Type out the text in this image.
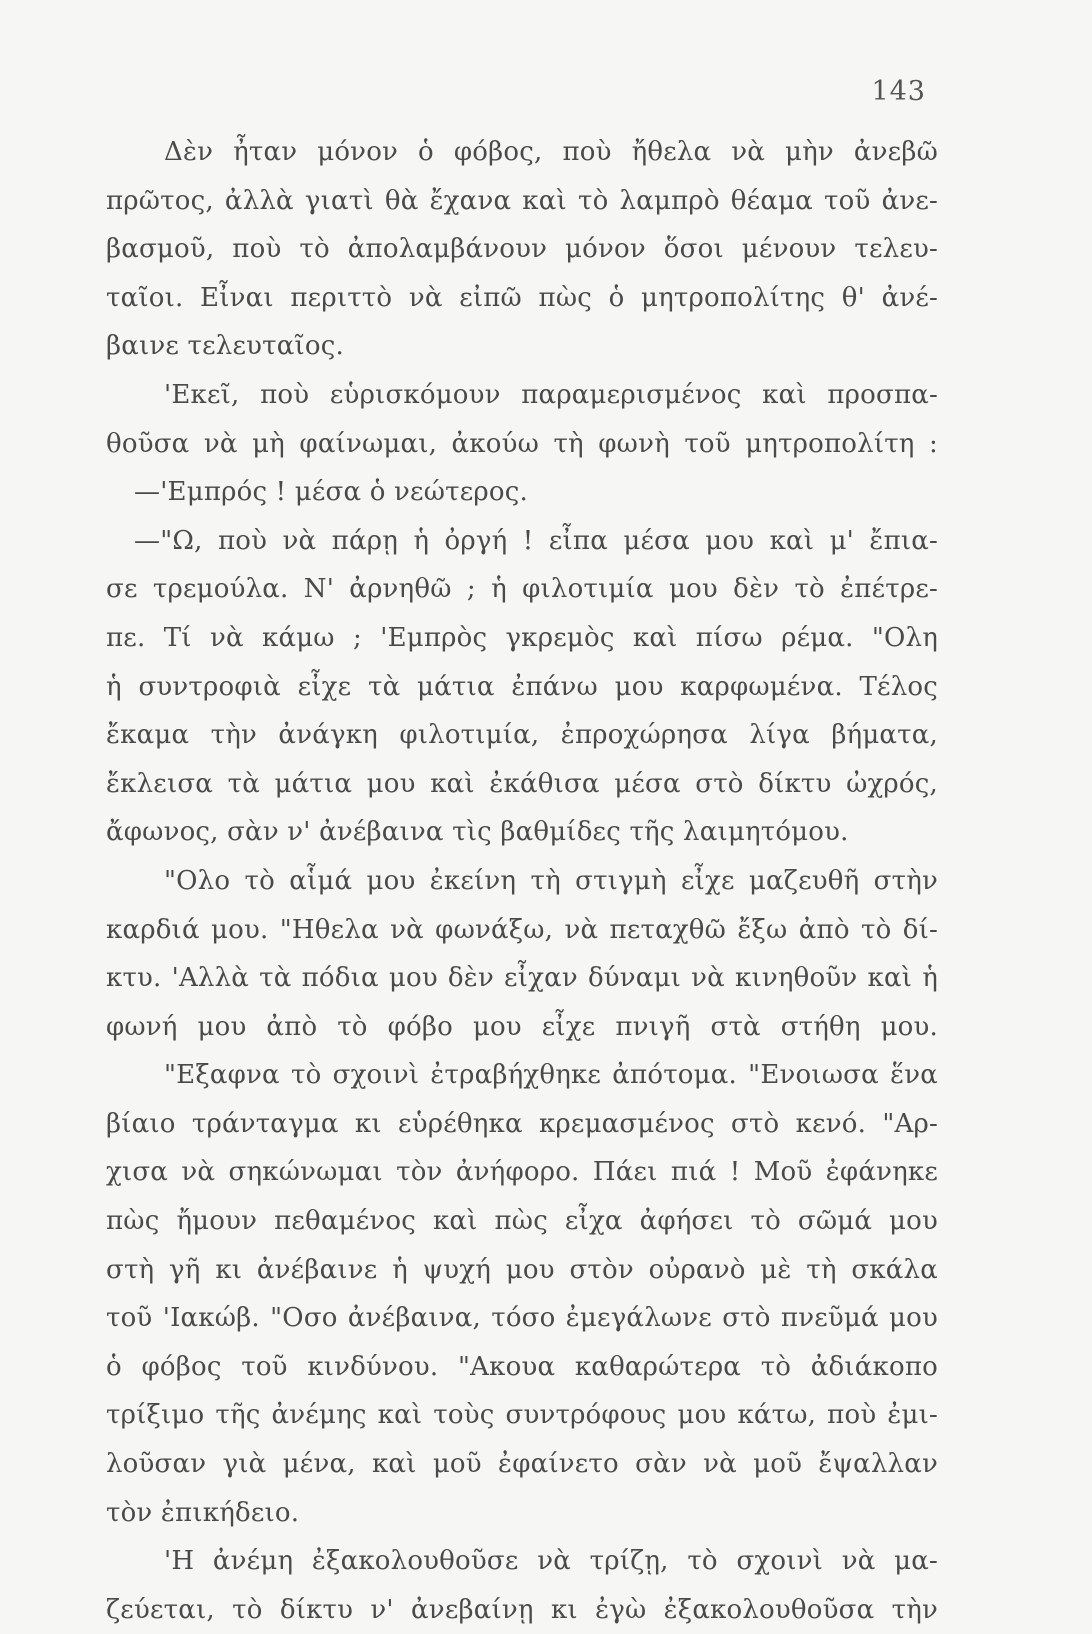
143
Δὲν ἦταν μόνον ὁ φόβος, ποὺ ἤθελα νὰ μὴν ἀνεβῶ
πρῶτος, ἀλλὰ γιατὶ θὰ ἔχανα καὶ τὸ λαμπρὸ θέαμα τοῦ ἀνε-
βασμοῦ, ποὺ τὸ ἀπολαμβάνουν μόνον ὅσοι μένουν τελευ-
ταῖοι. Εἶναι περιττὸ νὰ εἰπῶ πὼς ὁ μητροπολίτης θ' ἀνέ-
βαινε τελευταῖος.
'Εκεῖ, ποὺ εὑρισκόμουν παραμερισμένος καὶ προσπα-
θοῦσα νὰ μὴ φαίνωμαι, ἀκούω τὴ φωνὴ τοῦ μητροπολίτη :
—'Εμπρός ! μέσα ὁ νεώτερος.
—"Ω, ποὺ νὰ πάρῃ ἡ ὀργή ! εἶπα μέσα μου καὶ μ' ἔπια-
σε τρεμούλα. Ν' ἀρνηθῶ ; ἡ φιλοτιμία μου δὲν τὸ ἐπέτρε-
πε. Τί νὰ κάμω ; 'Εμπρὸς γκρεμὸς καὶ πίσω ρέμα. "Ολη
ἡ συντροφιὰ εἶχε τὰ μάτια ἐπάνω μου καρφωμένα. Τέλος
ἔκαμα τὴν ἀνάγκη φιλοτιμία, ἐπροχώρησα λίγα βήματα,
ἔκλεισα τὰ μάτια μου καὶ ἐκάθισα μέσα στὸ δίκτυ ὠχρός,
ἄφωνος, σὰν ν' ἀνέβαινα τὶς βαθμίδες τῆς λαιμητόμου.
"Ολο τὸ αἷμά μου ἐκείνη τὴ στιγμὴ εἶχε μαζευθῆ στὴν
καρδιά μου. "Ηθελα νὰ φωνάξω, νὰ πεταχθῶ ἔξω ἀπὸ τὸ δί-
κτυ. 'Αλλὰ τὰ πόδια μου δὲν εἶχαν δύναμι νὰ κινηθοῦν καὶ ἡ
φωνή μου ἀπὸ τὸ φόβο μου εἶχε πνιγῆ στὰ στήθη μου.
"Εξαφνα τὸ σχοινὶ ἐτραβήχθηκε ἀπότομα. "Ενοιωσα ἕνα
βίαιο τράνταγμα κι εὑρέθηκα κρεμασμένος στὸ κενό. "Αρ-
χισα νὰ σηκώνωμαι τὸν ἀνήφορο. Πάει πιά ! Μοῦ ἐφάνηκε
πὼς ἤμουν πεθαμένος καὶ πὼς εἶχα ἀφήσει τὸ σῶμά μου
στὴ γῆ κι ἀνέβαινε ἡ ψυχή μου στὸν οὐρανὸ μὲ τὴ σκάλα
τοῦ 'Ιακώβ. "Οσο ἀνέβαινα, τόσο ἐμεγάλωνε στὸ πνεῦμά μου
ὁ φόβος τοῦ κινδύνου. "Ακουα καθαρώτερα τὸ ἀδιάκοπο
τρίξιμο τῆς ἀνέμης καὶ τοὺς συντρόφους μου κάτω, ποὺ ἐμι-
λοῦσαν γιὰ μένα, καὶ μοῦ ἐφαίνετο σὰν νὰ μοῦ ἔψαλλαν
τὸν ἐπικήδειο.
'Η ἀνέμη ἐξακολουθοῦσε νὰ τρίζῃ, τὸ σχοινὶ νὰ μα-
ζεύεται, τὸ δίκτυ ν' ἀνεβαίνῃ κι ἐγὼ ἐξακολουθοῦσα τὴν
